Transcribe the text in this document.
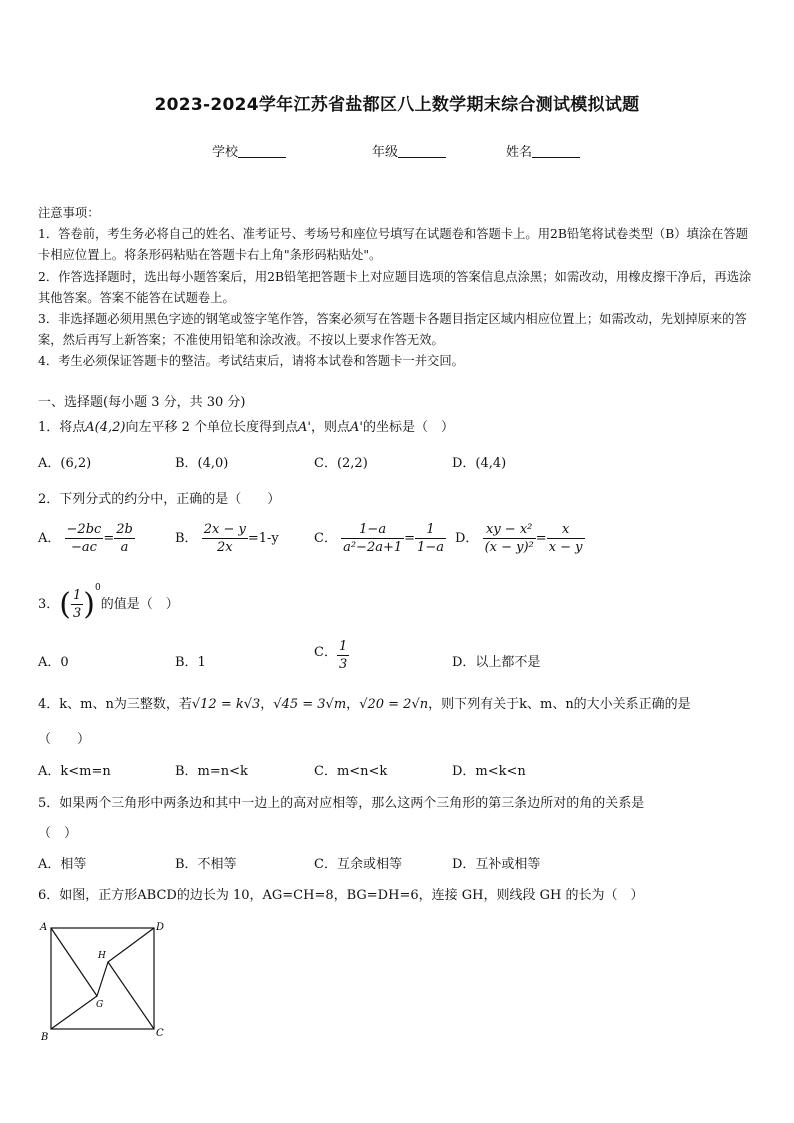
2023-2024学年江苏省盐都区八上数学期末综合测试模拟试题
学校	年级	姓名

注意事项：

1．答卷前，考生务必将自己的姓名、准考证号、考场号和座位号填写在试题卷和答题卡上。用2B铅笔将试卷类型（B）填涂在答题卡相应位置上。将条形码粘贴在答题卡右上角"条形码粘贴处"。

2．作答选择题时，选出每小题答案后，用2B铅笔把答题卡上对应题目选项的答案信息点涂黑；如需改动，用橡皮擦干净后，再选涂其他答案。答案不能答在试题卷上。

3．非选择题必须用黑色字迹的钢笔或签字笔作答，答案必须写在答题卡各题目指定区域内相应位置上；如需改动，先划掉原来的答案，然后再写上新答案；不准使用铅笔和涂改液。不按以上要求作答无效。

4．考生必须保证答题卡的整洁。考试结束后，请将本试卷和答题卡一并交回。

一、选择题(每小题 3 分，共 30 分)
1．将点A(4,2)向左平移 2 个单位长度得到点A'，则点A'的坐标是（　）
A．(6,2)	B．(4,0)	C．(2,2)	D．(4,4)
2．下列分式的约分中，正确的是（　　）
A． $\frac{-2bc}{-ac} = \frac{2b}{a}$	B． $\frac{2x - y}{2x} =1-y$	C． $\frac{1-a}{\text{a²−2a+1}} = \frac{1}{1-a}$ D． $\frac{\text{xy − x²}}{\text{(x − y)²}} = \frac{x}{x - y}$
3．( $\frac{1}{3} )^0$的值是（　）
A．0	B．1
C． $\frac{1}{3}$	D．以上都不是
4．k、m、n为三整数，若√12 = k√3，√45 = 3√m，√20 = 2√n，则下列有关于k、m、n的大小关系正确的是
（　　）
A．k<m=n	B．m=n<k	C．m<n<k	D．m<k<n
5．如果两个三角形中两条边和其中一边上的高对应相等，那么这两个三角形的第三条边所对的角的关系是
（　）
A．相等	B．不相等	C．互余或相等	D．互补或相等
6．如图，正方形ABCD的边长为 10，AG=CH=8，BG=DH=6，连接 GH，则线段 GH 的长为（　）
A	D
B	C
G
H
